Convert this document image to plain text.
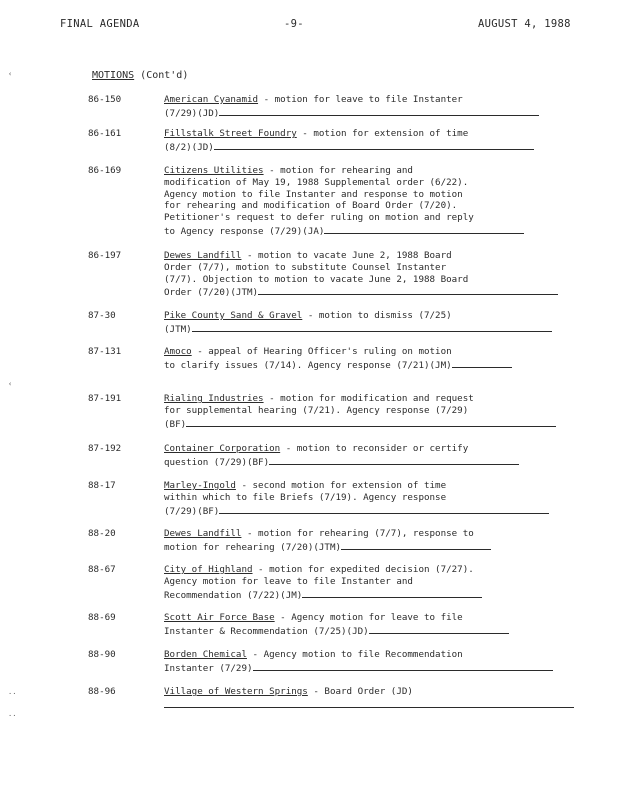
FINAL AGENDA	-9-	AUGUST 4, 1988
‹
‹
..
..
MOTIONS (Cont'd)
86-150	American Cyanamid - motion for leave to file Instanter
(7/29)(JD)
86-161	Fillstalk Street Foundry - motion for extension of time
(8/2)(JD)
86-169	Citizens Utilities - motion for rehearing and
modification of May 19, 1988 Supplemental order (6/22).
Agency motion to file Instanter and response to motion
for rehearing and modification of Board Order (7/20).
Petitioner's request to defer ruling on motion and reply
to Agency response (7/29)(JA)
86-197	Dewes Landfill - motion to vacate June 2, 1988 Board
Order (7/7), motion to substitute Counsel Instanter
(7/7). Objection to motion to vacate June 2, 1988 Board
Order (7/20)(JTM)
87-30	Pike County Sand & Gravel - motion to dismiss (7/25)
(JTM)
87-131	Amoco - appeal of Hearing Officer's ruling on motion
to clarify issues (7/14). Agency response (7/21)(JM)
87-191	Rialing Industries - motion for modification and request
for supplemental hearing (7/21). Agency response (7/29)
(BF)
87-192	Container Corporation - motion to reconsider or certify
question (7/29)(BF)
88-17	Marley-Ingold - second motion for extension of time
within which to file Briefs (7/19). Agency response
(7/29)(BF)
88-20	Dewes Landfill - motion for rehearing (7/7), response to
motion for rehearing (7/20)(JTM)
88-67	City of Highland - motion for expedited decision (7/27).
Agency motion for leave to file Instanter and
Recommendation (7/22)(JM)
88-69	Scott Air Force Base - Agency motion for leave to file
Instanter & Recommendation (7/25)(JD)
88-90	Borden Chemical - Agency motion to file Recommendation
Instanter (7/29)
88-96	Village of Western Springs - Board Order (JD)
